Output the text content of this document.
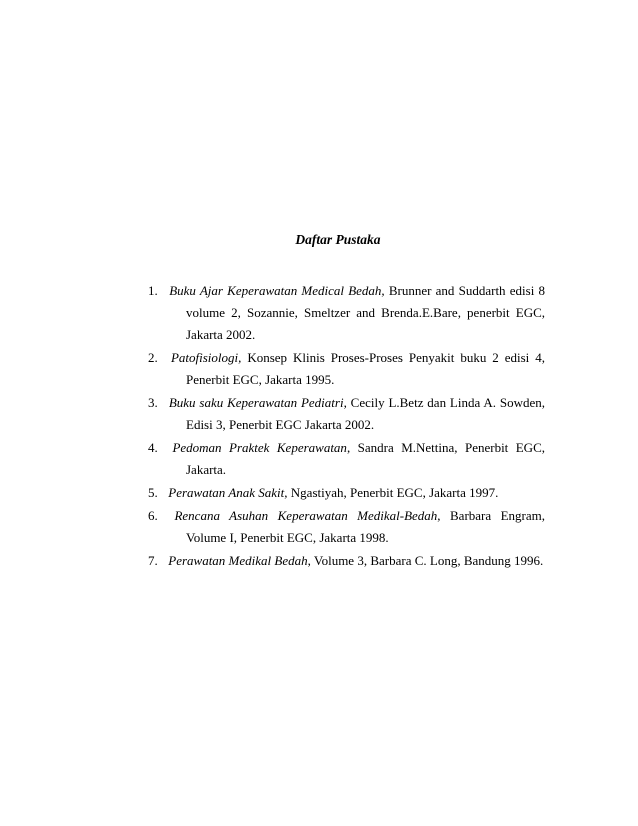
Daftar Pustaka
1. Buku Ajar Keperawatan Medical Bedah, Brunner and Suddarth edisi 8 volume 2, Sozannie, Smeltzer and Brenda.E.Bare, penerbit EGC, Jakarta 2002.
2. Patofisiologi, Konsep Klinis Proses-Proses Penyakit buku 2 edisi 4, Penerbit EGC, Jakarta 1995.
3. Buku saku Keperawatan Pediatri, Cecily L.Betz dan Linda A. Sowden, Edisi 3, Penerbit EGC Jakarta 2002.
4. Pedoman Praktek Keperawatan, Sandra M.Nettina, Penerbit EGC, Jakarta.
5. Perawatan Anak Sakit, Ngastiyah, Penerbit EGC, Jakarta 1997.
6. Rencana Asuhan Keperawatan Medikal-Bedah, Barbara Engram, Volume I, Penerbit EGC, Jakarta 1998.
7. Perawatan Medikal Bedah, Volume 3, Barbara C. Long, Bandung 1996.
